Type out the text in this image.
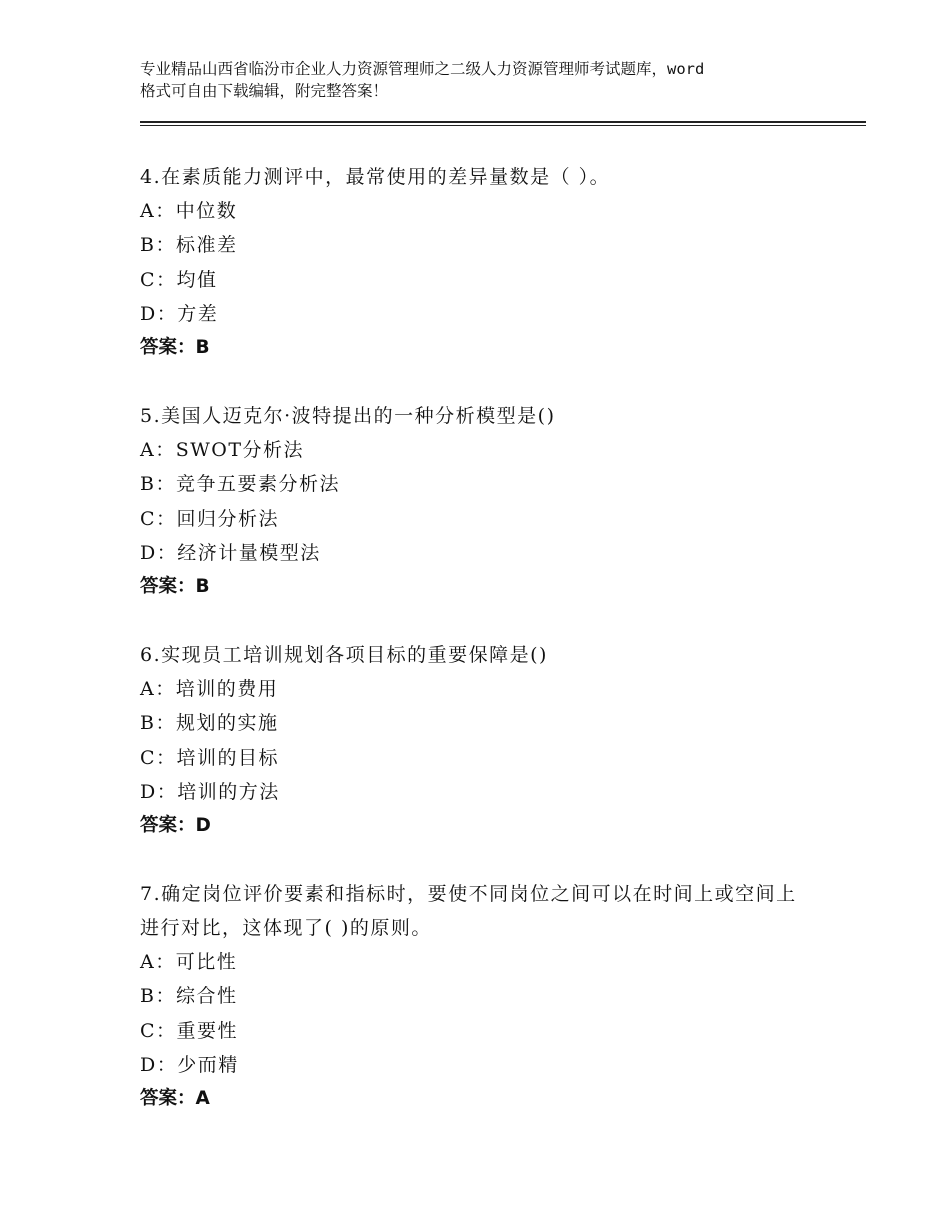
专业精品山西省临汾市企业人力资源管理师之二级人力资源管理师考试题库，word
格式可自由下载编辑，附完整答案！
4.在素质能力测评中，最常使用的差异量数是（ ）。
A：中位数
B：标准差
C：均值
D：方差
答案：B
5.美国人迈克尔·波特提出的一种分析模型是()
A：SWOT分析法
B：竞争五要素分析法
C：回归分析法
D：经济计量模型法
答案：B
6.实现员工培训规划各项目标的重要保障是()
A：培训的费用
B：规划的实施
C：培训的目标
D：培训的方法
答案：D
7.确定岗位评价要素和指标时，要使不同岗位之间可以在时间上或空间上进行对比，这体现了( )的原则。
A：可比性
B：综合性
C：重要性
D：少而精
答案：A
